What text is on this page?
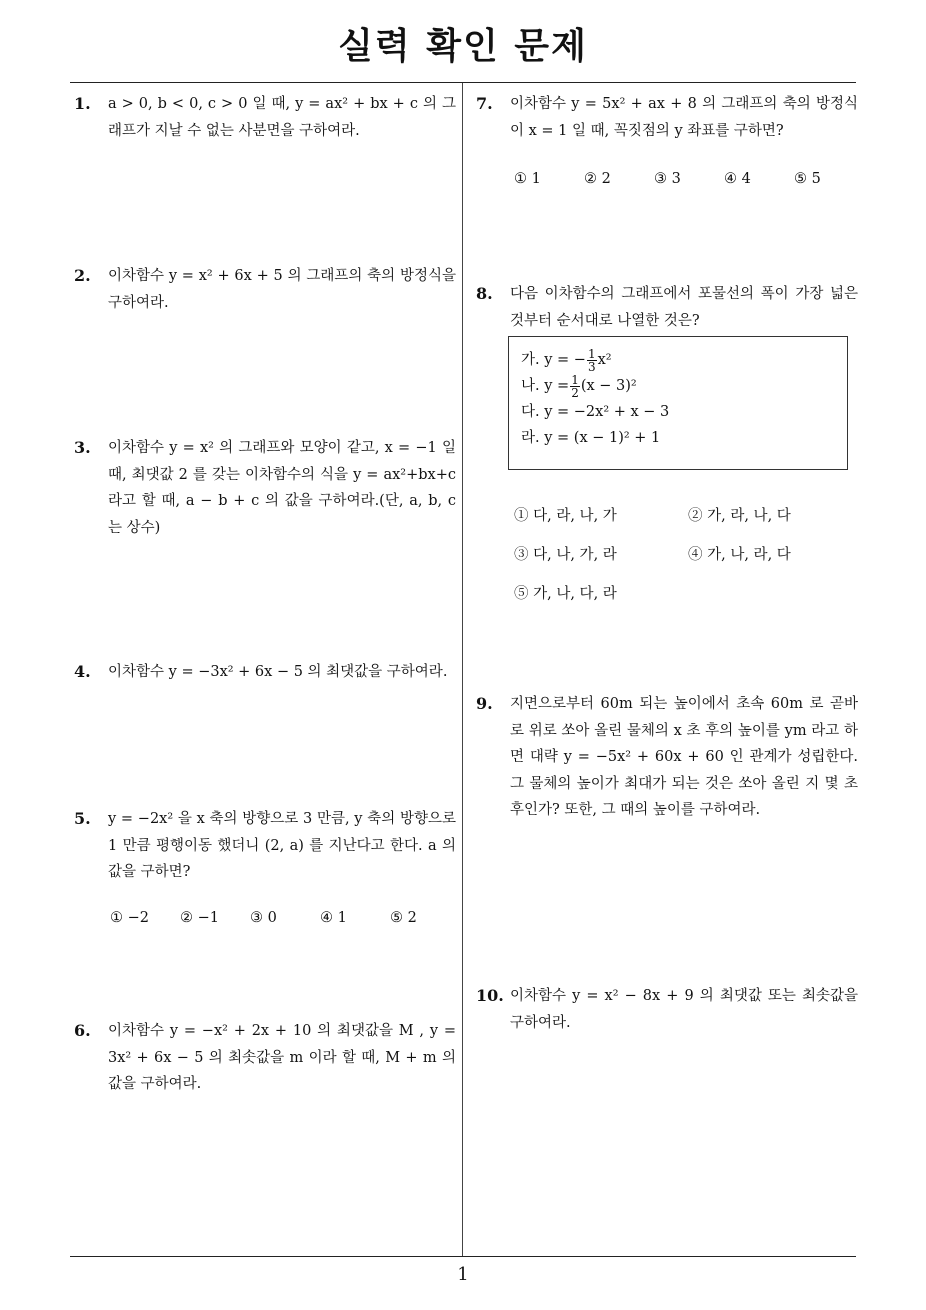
실력 확인 문제
1. a > 0, b < 0, c > 0 일 때, y = ax² + bx + c 의 그래프가 지날 수 없는 사분면을 구하여라.
2. 이차함수 y = x² + 6x + 5 의 그래프의 축의 방정식을 구하여라.
3. 이차함수 y = x² 의 그래프와 모양이 같고, x = −1 일 때, 최댓값 2 를 갖는 이차함수의 식을 y = ax²+bx+c 라고 할 때, a − b + c 의 값을 구하여라.(단, a, b, c 는 상수)
4. 이차함수 y = −3x² + 6x − 5 의 최댓값을 구하여라.
5. y = −2x² 을 x 축의 방향으로 3 만큼, y 축의 방향으로 1 만큼 평행이동 했더니 (2, a) 를 지난다고 한다. a 의 값을 구하면?
① −2 ② −1 ③ 0	④ 1	⑤ 2
6. 이차함수 y = −x² + 2x + 10 의 최댓값을 M , y = 3x² + 6x − 5 의 최솟값을 m 이라 할 때, M + m 의 값을 구하여라.
7. 이차함수 y = 5x² + ax + 8 의 그래프의 축의 방정식이 x = 1 일 때, 꼭짓점의 y 좌표를 구하면?
① 1	② 2	③ 3	④ 4	⑤ 5
8. 다음 이차함수의 그래프에서 포물선의 폭이 가장 넓은 것부터 순서대로 나열한 것은?
가. y = − $\frac{1}{3} x^2$
나. $y = \frac{1}{2} (x - 3)^2$
다. y = −2x² + x − 3
라. y = (x − 1)² + 1
① 다, 라, 나, 가	② 가, 라, 나, 다
③ 다, 나, 가, 라	④ 가, 나, 라, 다
⑤ 가, 나, 다, 라
9. 지면으로부터 60m 되는 높이에서 초속 60m 로 곧바로 위로 쏘아 올린 물체의 x 초 후의 높이를 ym 라고 하면 대략 y = −5x² + 60x + 60 인 관계가 성립한다. 그 물체의 높이가 최대가 되는 것은 쏘아 올린 지 몇 초 후인가? 또한, 그 때의 높이를 구하여라.
10. 이차함수 y = x² − 8x + 9 의 최댓값 또는 최솟값을 구하여라.
1
